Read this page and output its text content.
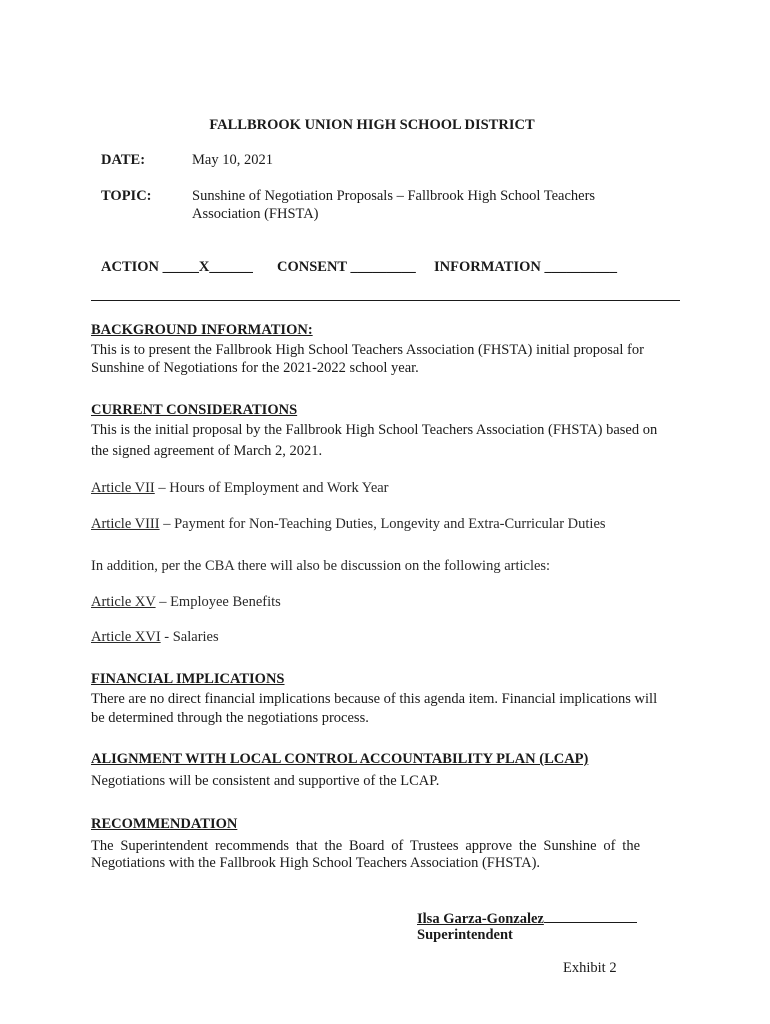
FALLBROOK UNION HIGH SCHOOL DISTRICT
DATE:	May 10, 2021
TOPIC:	Sunshine of Negotiation Proposals – Fallbrook High School Teachers
Association (FHSTA)
ACTION _____X______ CONSENT _________ INFORMATION __________
BACKGROUND INFORMATION:
This is to present the Fallbrook High School Teachers Association (FHSTA) initial proposal for
Sunshine of Negotiations for the 2021-2022 school year.
CURRENT CONSIDERATIONS
This is the initial proposal by the Fallbrook High School Teachers Association (FHSTA) based on
the signed agreement of March 2, 2021.
Article VII – Hours of Employment and Work Year
Article VIII – Payment for Non-Teaching Duties, Longevity and Extra-Curricular Duties
In addition, per the CBA there will also be discussion on the following articles:
Article XV – Employee Benefits
Article XVI - Salaries
FINANCIAL IMPLICATIONS
There are no direct financial implications because of this agenda item. Financial implications will
be determined through the negotiations process.
ALIGNMENT WITH LOCAL CONTROL ACCOUNTABILITY PLAN (LCAP)
Negotiations will be consistent and supportive of the LCAP.
RECOMMENDATION
The Superintendent recommends that the Board of Trustees approve the Sunshine of the
Negotiations with the Fallbrook High School Teachers Association (FHSTA).
Ilsa Garza-Gonzalez
Superintendent
Exhibit 2
